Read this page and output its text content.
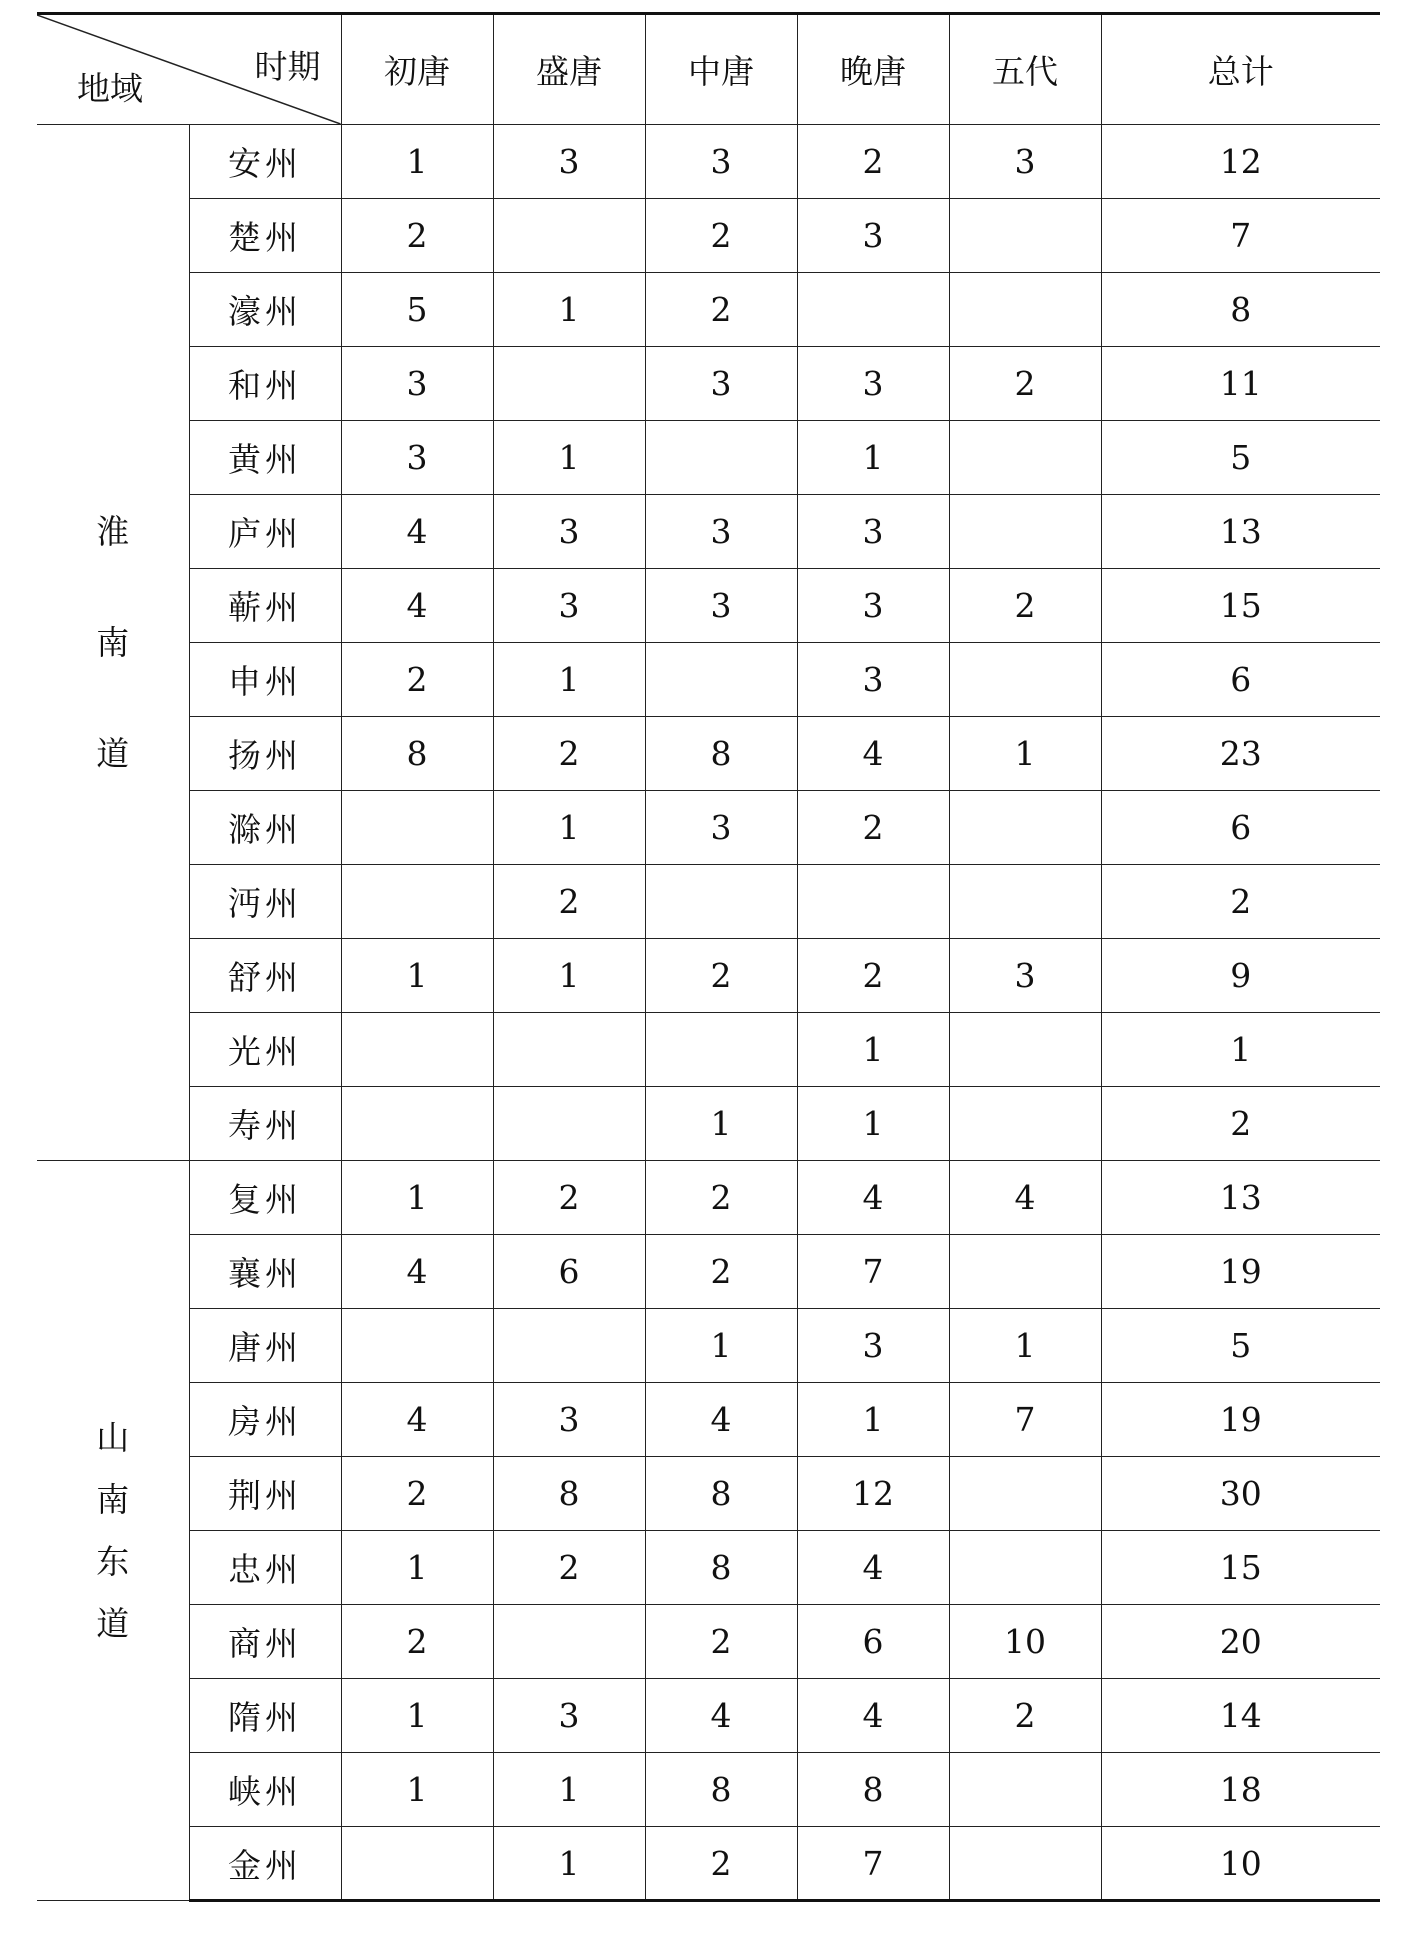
时期
地域		初唐	盛唐	中唐	晚唐	五代	总计

淮
南
道	安州	1	3	3	2	3	12
	楚州	2		2	3		7
	濠州	5	1	2			8
	和州	3		3	3	2	11
	黄州	3	1		1		5
	庐州	4	3	3	3		13
	蕲州	4	3	3	3	2	15
	申州	2	1		3		6
	扬州	8	2	8	4	1	23
	滁州		1	3	2		6
	沔州		2				2
	舒州	1	1	2	2	3	9
	光州				1		1
	寿州			1	1		2

山
南
东
道	复州	1	2	2	4	4	13
	襄州	4	6	2	7		19
	唐州			1	3	1	5
	房州	4	3	4	1	7	19
	荆州	2	8	8	12		30
	忠州	1	2	8	4		15
	商州	2		2	6	10	20
	隋州	1	3	4	4	2	14
	峡州	1	1	8	8		18
	金州		1	2	7		10
